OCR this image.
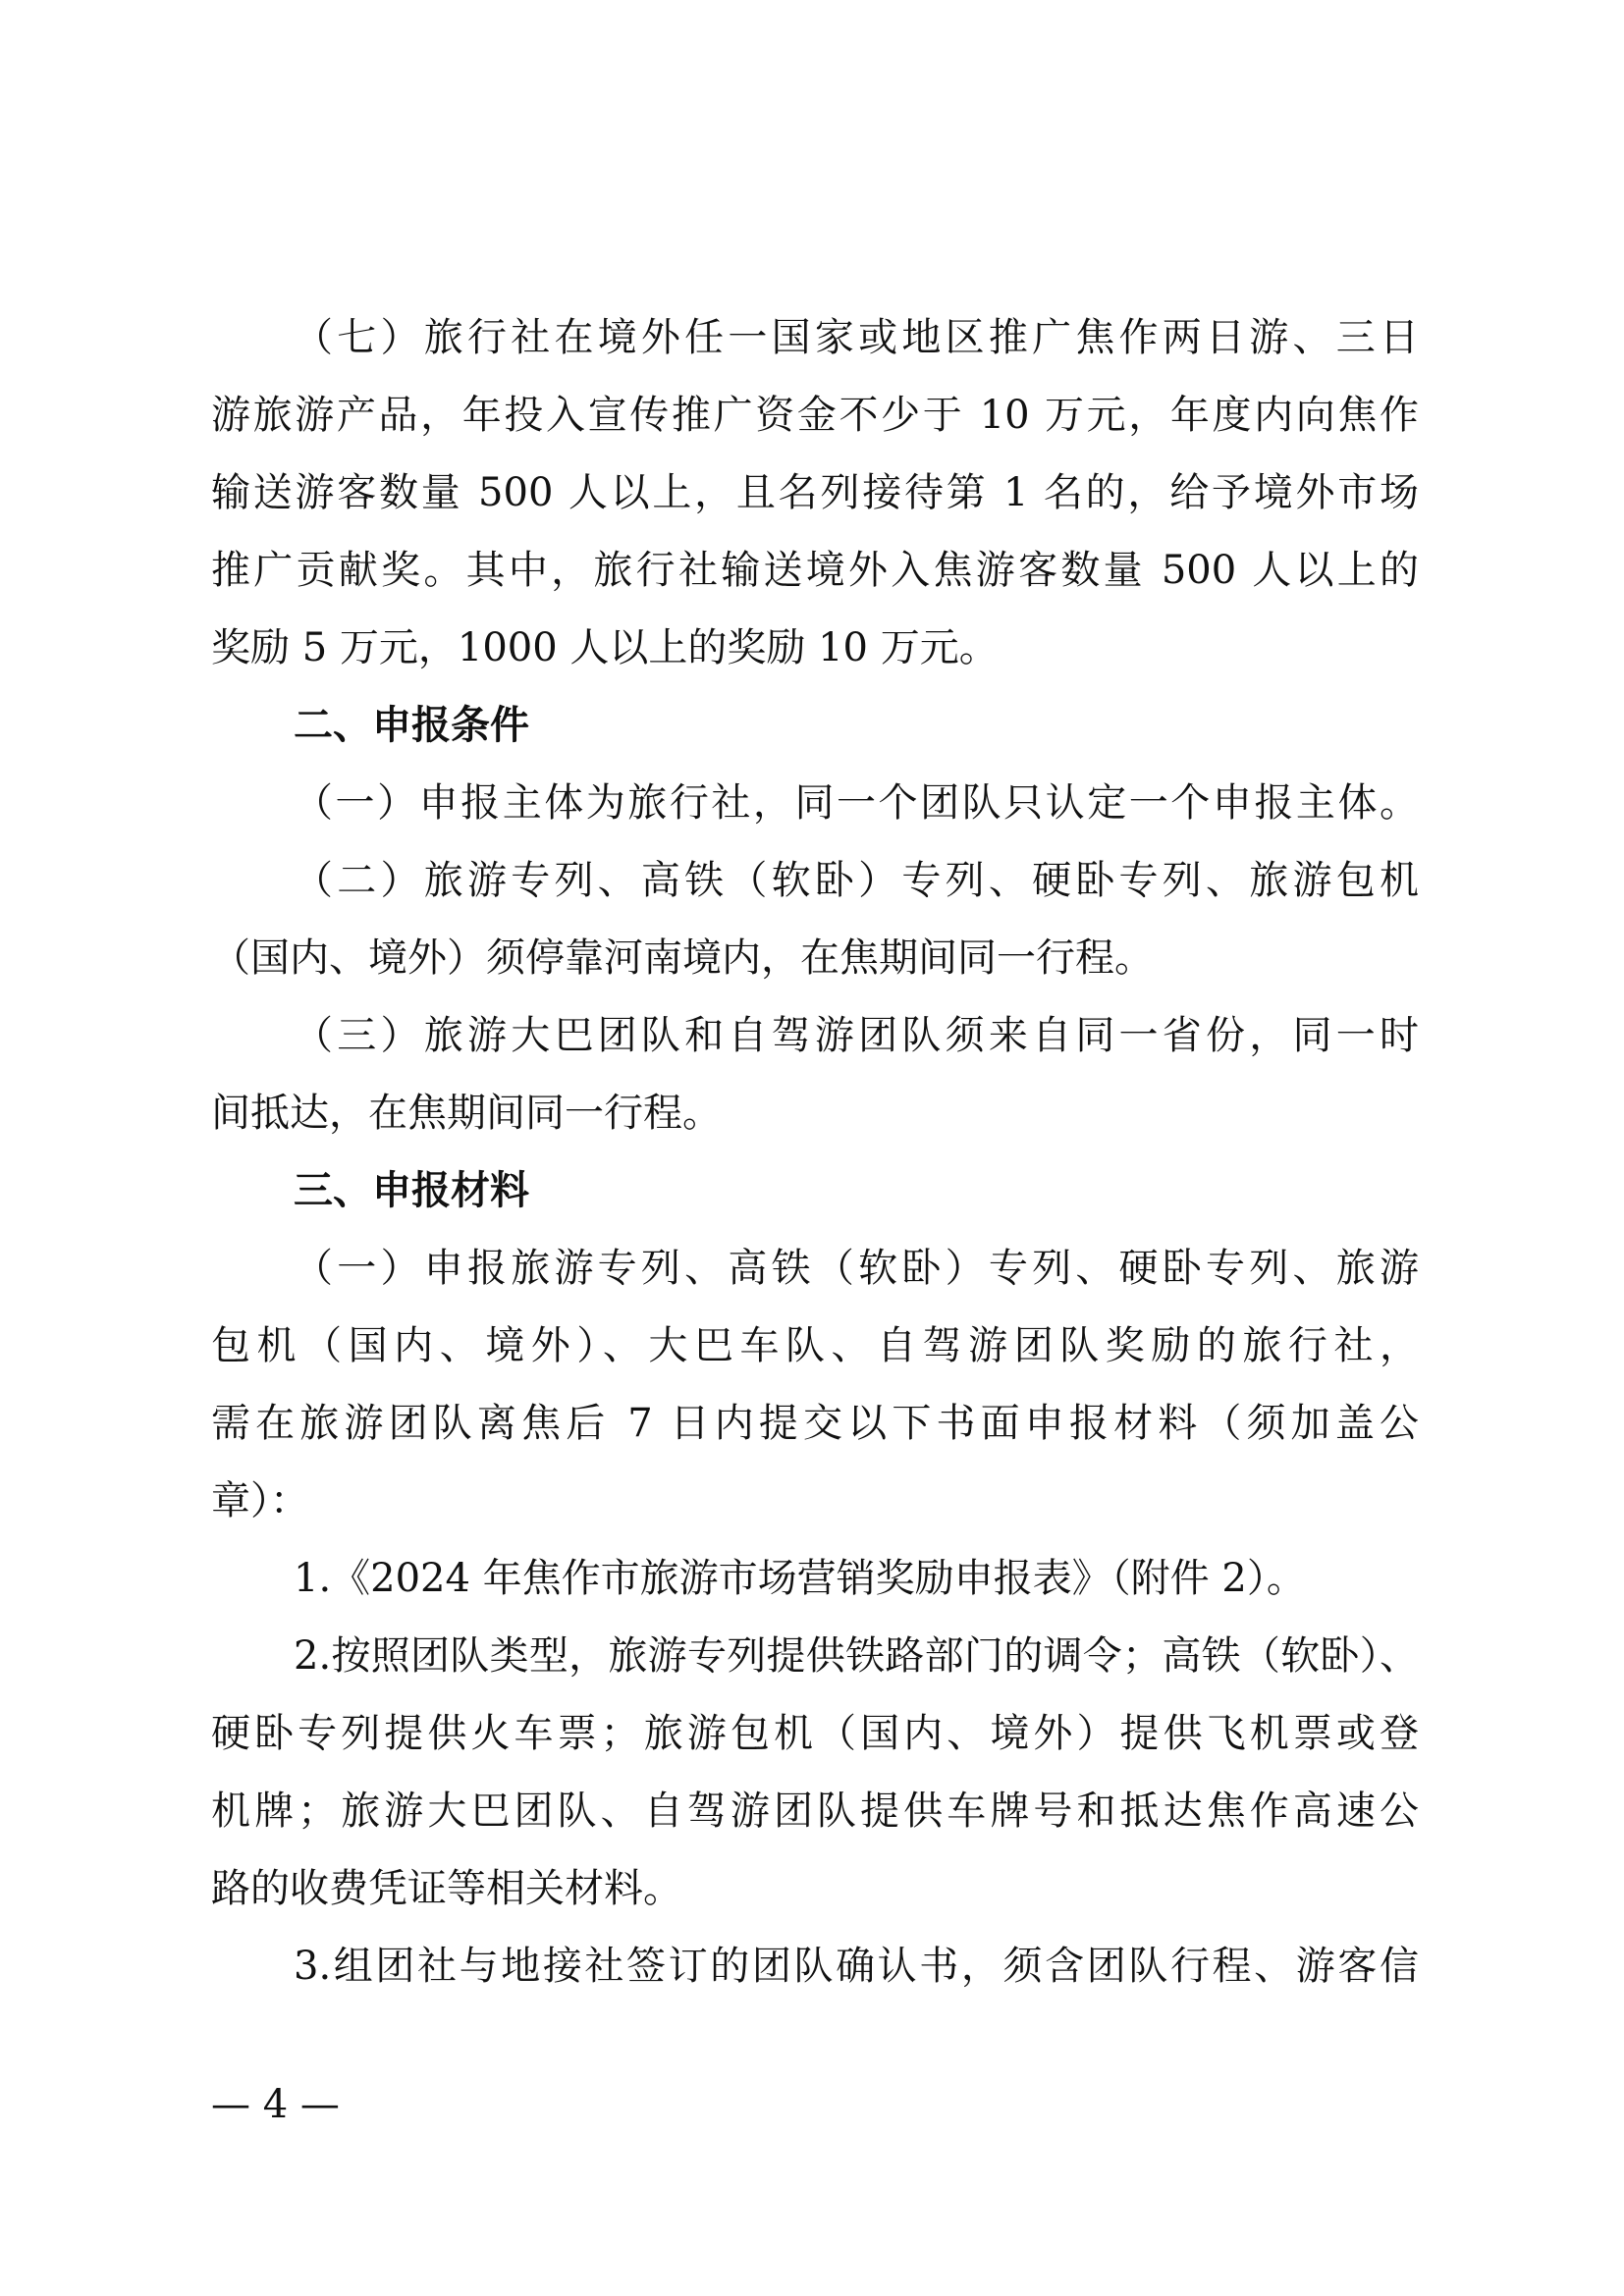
（七）旅行社在境外任一国家或地区推广焦作两日游、三日
游旅游产品，年投入宣传推广资金不少于 10 万元，年度内向焦作
输送游客数量 500 人以上，且名列接待第 1 名的，给予境外市场
推广贡献奖。其中，旅行社输送境外入焦游客数量 500 人以上的
奖励 5 万元，1000 人以上的奖励 10 万元。
二、申报条件
（一）申报主体为旅行社，同一个团队只认定一个申报主体。
（二）旅游专列、高铁（软卧）专列、硬卧专列、旅游包机
（国内、境外）须停靠河南境内，在焦期间同一行程。
（三）旅游大巴团队和自驾游团队须来自同一省份，同一时
间抵达，在焦期间同一行程。
三、申报材料
（一）申报旅游专列、高铁（软卧）专列、硬卧专列、旅游
包机（国内、境外）、大巴车队、自驾游团队奖励的旅行社，
需在旅游团队离焦后 7 日内提交以下书面申报材料（须加盖公
章）：
1.《2024 年焦作市旅游市场营销奖励申报表》（附件 2）。
2.按照团队类型，旅游专列提供铁路部门的调令；高铁（软卧）、
硬卧专列提供火车票；旅游包机（国内、境外）提供飞机票或登
机牌；旅游大巴团队、自驾游团队提供车牌号和抵达焦作高速公
路的收费凭证等相关材料。
3.组团社与地接社签订的团队确认书，须含团队行程、游客信
— 4 —
